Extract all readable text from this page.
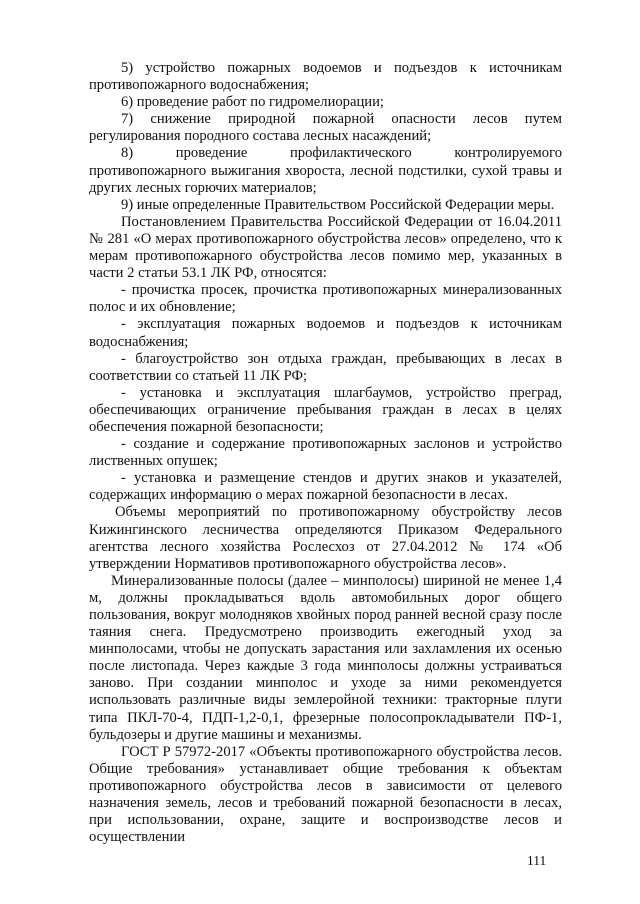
5) устройство пожарных водоемов и подъездов к источникам противопожарного водоснабжения;

6) проведение работ по гидромелиорации;

7) снижение природной пожарной опасности лесов путем регулирования породного состава лесных насаждений;

8) проведение профилактического контролируемого противопожарного выжигания хвороста, лесной подстилки, сухой травы и других лесных горючих материалов;

9) иные определенные Правительством Российской Федерации меры.

Постановлением Правительства Российской Федерации от 16.04.2011 № 281 «О мерах противопожарного обустройства лесов» определено, что к мерам противопожарного обустройства лесов помимо мер, указанных в части 2 статьи 53.1 ЛК РФ, относятся:

- прочистка просек, прочистка противопожарных минерализованных полос и их обновление;

- эксплуатация пожарных водоемов и подъездов к источникам водоснабжения;

- благоустройство зон отдыха граждан, пребывающих в лесах в соответствии со статьей 11 ЛК РФ;

- установка и эксплуатация шлагбаумов, устройство преград, обеспечивающих ограничение пребывания граждан в лесах в целях обеспечения пожарной безопасности;

- создание и содержание противопожарных заслонов и устройство лиственных опушек;

- установка и размещение стендов и других знаков и указателей, содержащих информацию о мерах пожарной безопасности в лесах.

Объемы мероприятий по противопожарному обустройству лесов Кижингинского лесничества определяются Приказом Федерального агентства лесного хозяйства Рослесхоз от 27.04.2012 № 174 «Об утверждении Нормативов противопожарного обустройства лесов».

Минерализованные полосы (далее – минполосы) шириной не менее 1,4 м, должны прокладываться вдоль автомобильных дорог общего пользования, вокруг молодняков хвойных пород ранней весной сразу после таяния снега. Предусмотрено производить ежегодный уход за минполосами, чтобы не допускать зарастания или захламления их осенью после листопада. Через каждые 3 года минполосы должны устраиваться заново. При создании минполос и уходе за ними рекомендуется использовать различные виды землеройной техники: тракторные плуги типа ПКЛ-70-4, ПДП-1,2-0,1, фрезерные полосопрокладыватели ПФ-1, бульдозеры и другие машины и механизмы.

ГОСТ Р 57972-2017 «Объекты противопожарного обустройства лесов. Общие требования» устанавливает общие требования к объектам противопожарного обустройства лесов в зависимости от целевого назначения земель, лесов и требований пожарной безопасности в лесах, при использовании, охране, защите и воспроизводстве лесов и осуществлении

111
